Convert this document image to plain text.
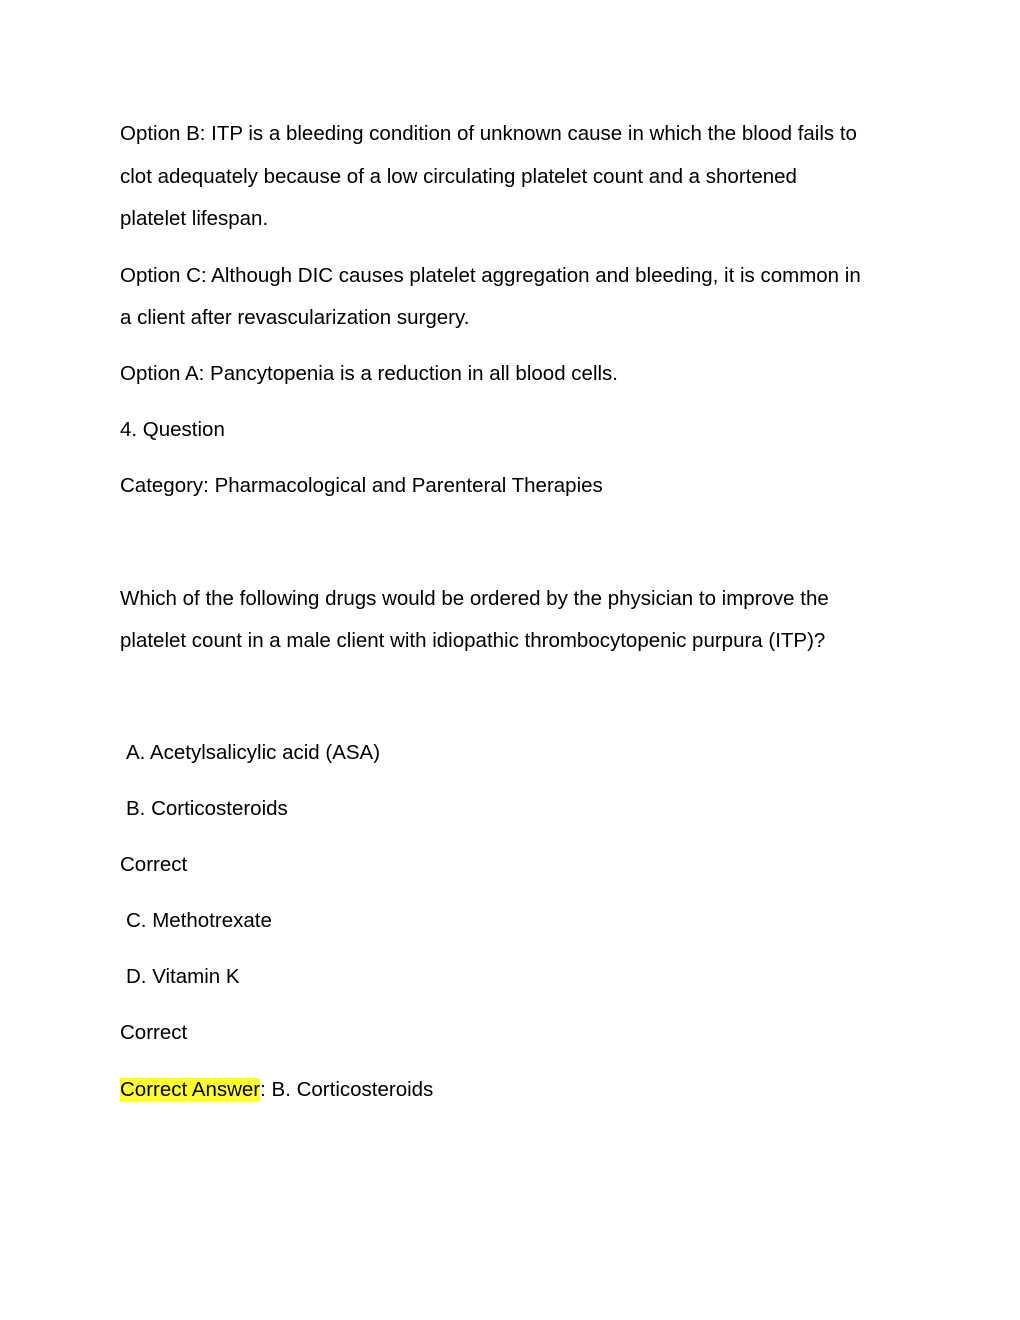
Option B: ITP is a bleeding condition of unknown cause in which the blood fails to

clot adequately because of a low circulating platelet count and a shortened

platelet lifespan.

Option C: Although DIC causes platelet aggregation and bleeding, it is common in

a client after revascularization surgery.

Option A: Pancytopenia is a reduction in all blood cells.

4. Question

Category: Pharmacological and Parenteral Therapies

Which of the following drugs would be ordered by the physician to improve the

platelet count in a male client with idiopathic thrombocytopenic purpura (ITP)?

A. Acetylsalicylic acid (ASA)

B. Corticosteroids

Correct

C. Methotrexate

D. Vitamin K

Correct

Correct Answer: B. Corticosteroids
